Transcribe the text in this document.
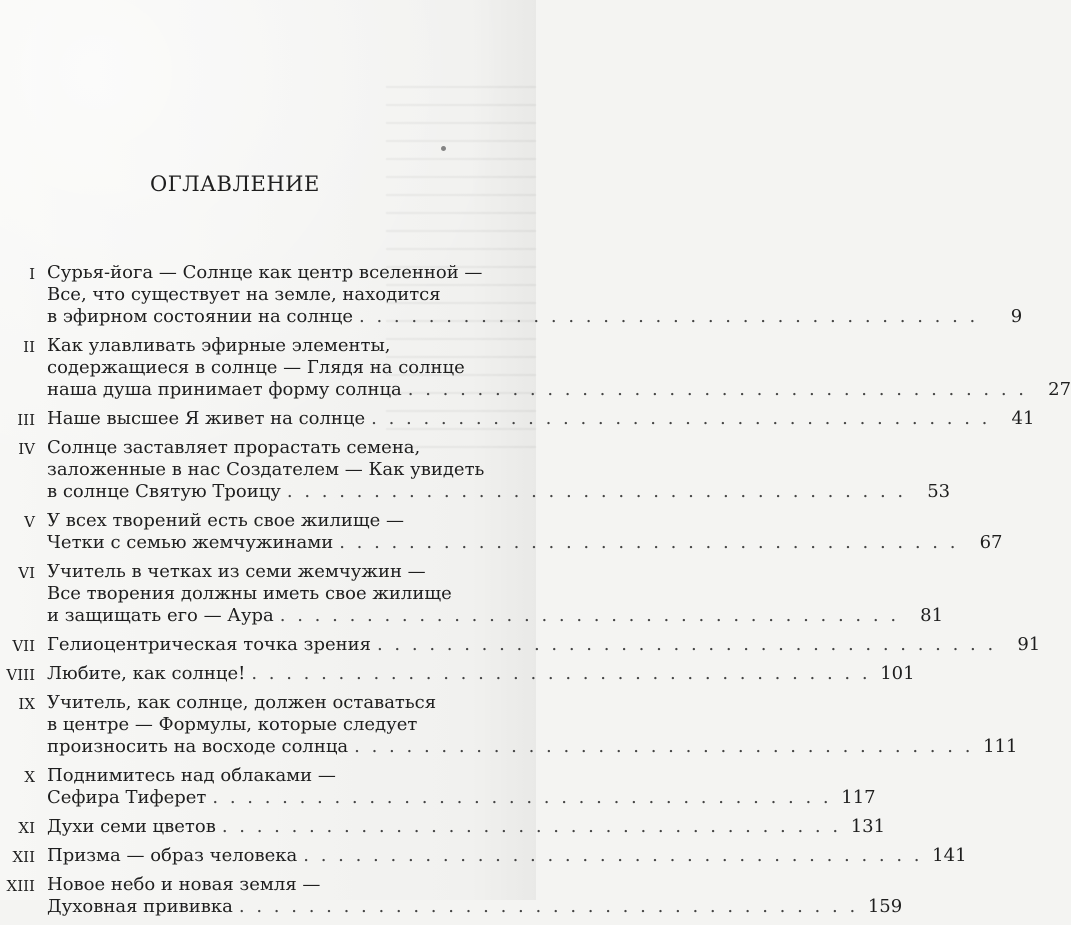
ОГЛАВЛЕНИЕ
I Сурья-йога — Солнце как центр вселенной —
Все, что существует на земле, находится
в эфирном состоянии на солнце . . . . . . . . . . . . . . . . . . . . . . . . . . . . . . . . . . . .	9
II Как улавливать эфирные элементы,
содержащиеся в солнце — Глядя на солнце
наша душа принимает форму солнца . . . . . . . . . . . . . . . . . . . . . . . . . . . . . . . . . . . .	27
III Наше высшее Я живет на солнце . . . . . . . . . . . . . . . . . . . . . . . . . . . . . . . . . . . .	41
IV Солнце заставляет прорастать семена,
заложенные в нас Создателем — Как увидеть
в солнце Святую Троицу . . . . . . . . . . . . . . . . . . . . . . . . . . . . . . . . . . . .	53
V У всех творений есть свое жилище —
Четки с семью жемчужинами . . . . . . . . . . . . . . . . . . . . . . . . . . . . . . . . . . . .	67
VI Учитель в четках из семи жемчужин —
Все творения должны иметь свое жилище
и защищать его — Аура . . . . . . . . . . . . . . . . . . . . . . . . . . . . . . . . . . . .	81
VII Гелиоцентрическая точка зрения . . . . . . . . . . . . . . . . . . . . . . . . . . . . . . . . . . . .	91
VIII Любите, как солнце! . . . . . . . . . . . . . . . . . . . . . . . . . . . . . . . . . . . . 101
IX Учитель, как солнце, должен оставаться
в центре — Формулы, которые следует
произносить на восходе солнца . . . . . . . . . . . . . . . . . . . . . . . . . . . . . . . . . . . . 111
X Поднимитесь над облаками —
Сефира Тиферет . . . . . . . . . . . . . . . . . . . . . . . . . . . . . . . . . . . . 117
XI Духи семи цветов . . . . . . . . . . . . . . . . . . . . . . . . . . . . . . . . . . . . 131
XII Призма — образ человека . . . . . . . . . . . . . . . . . . . . . . . . . . . . . . . . . . . . 141
XIII Новое небо и новая земля —
Духовная прививка . . . . . . . . . . . . . . . . . . . . . . . . . . . . . . . . . . . . 159
